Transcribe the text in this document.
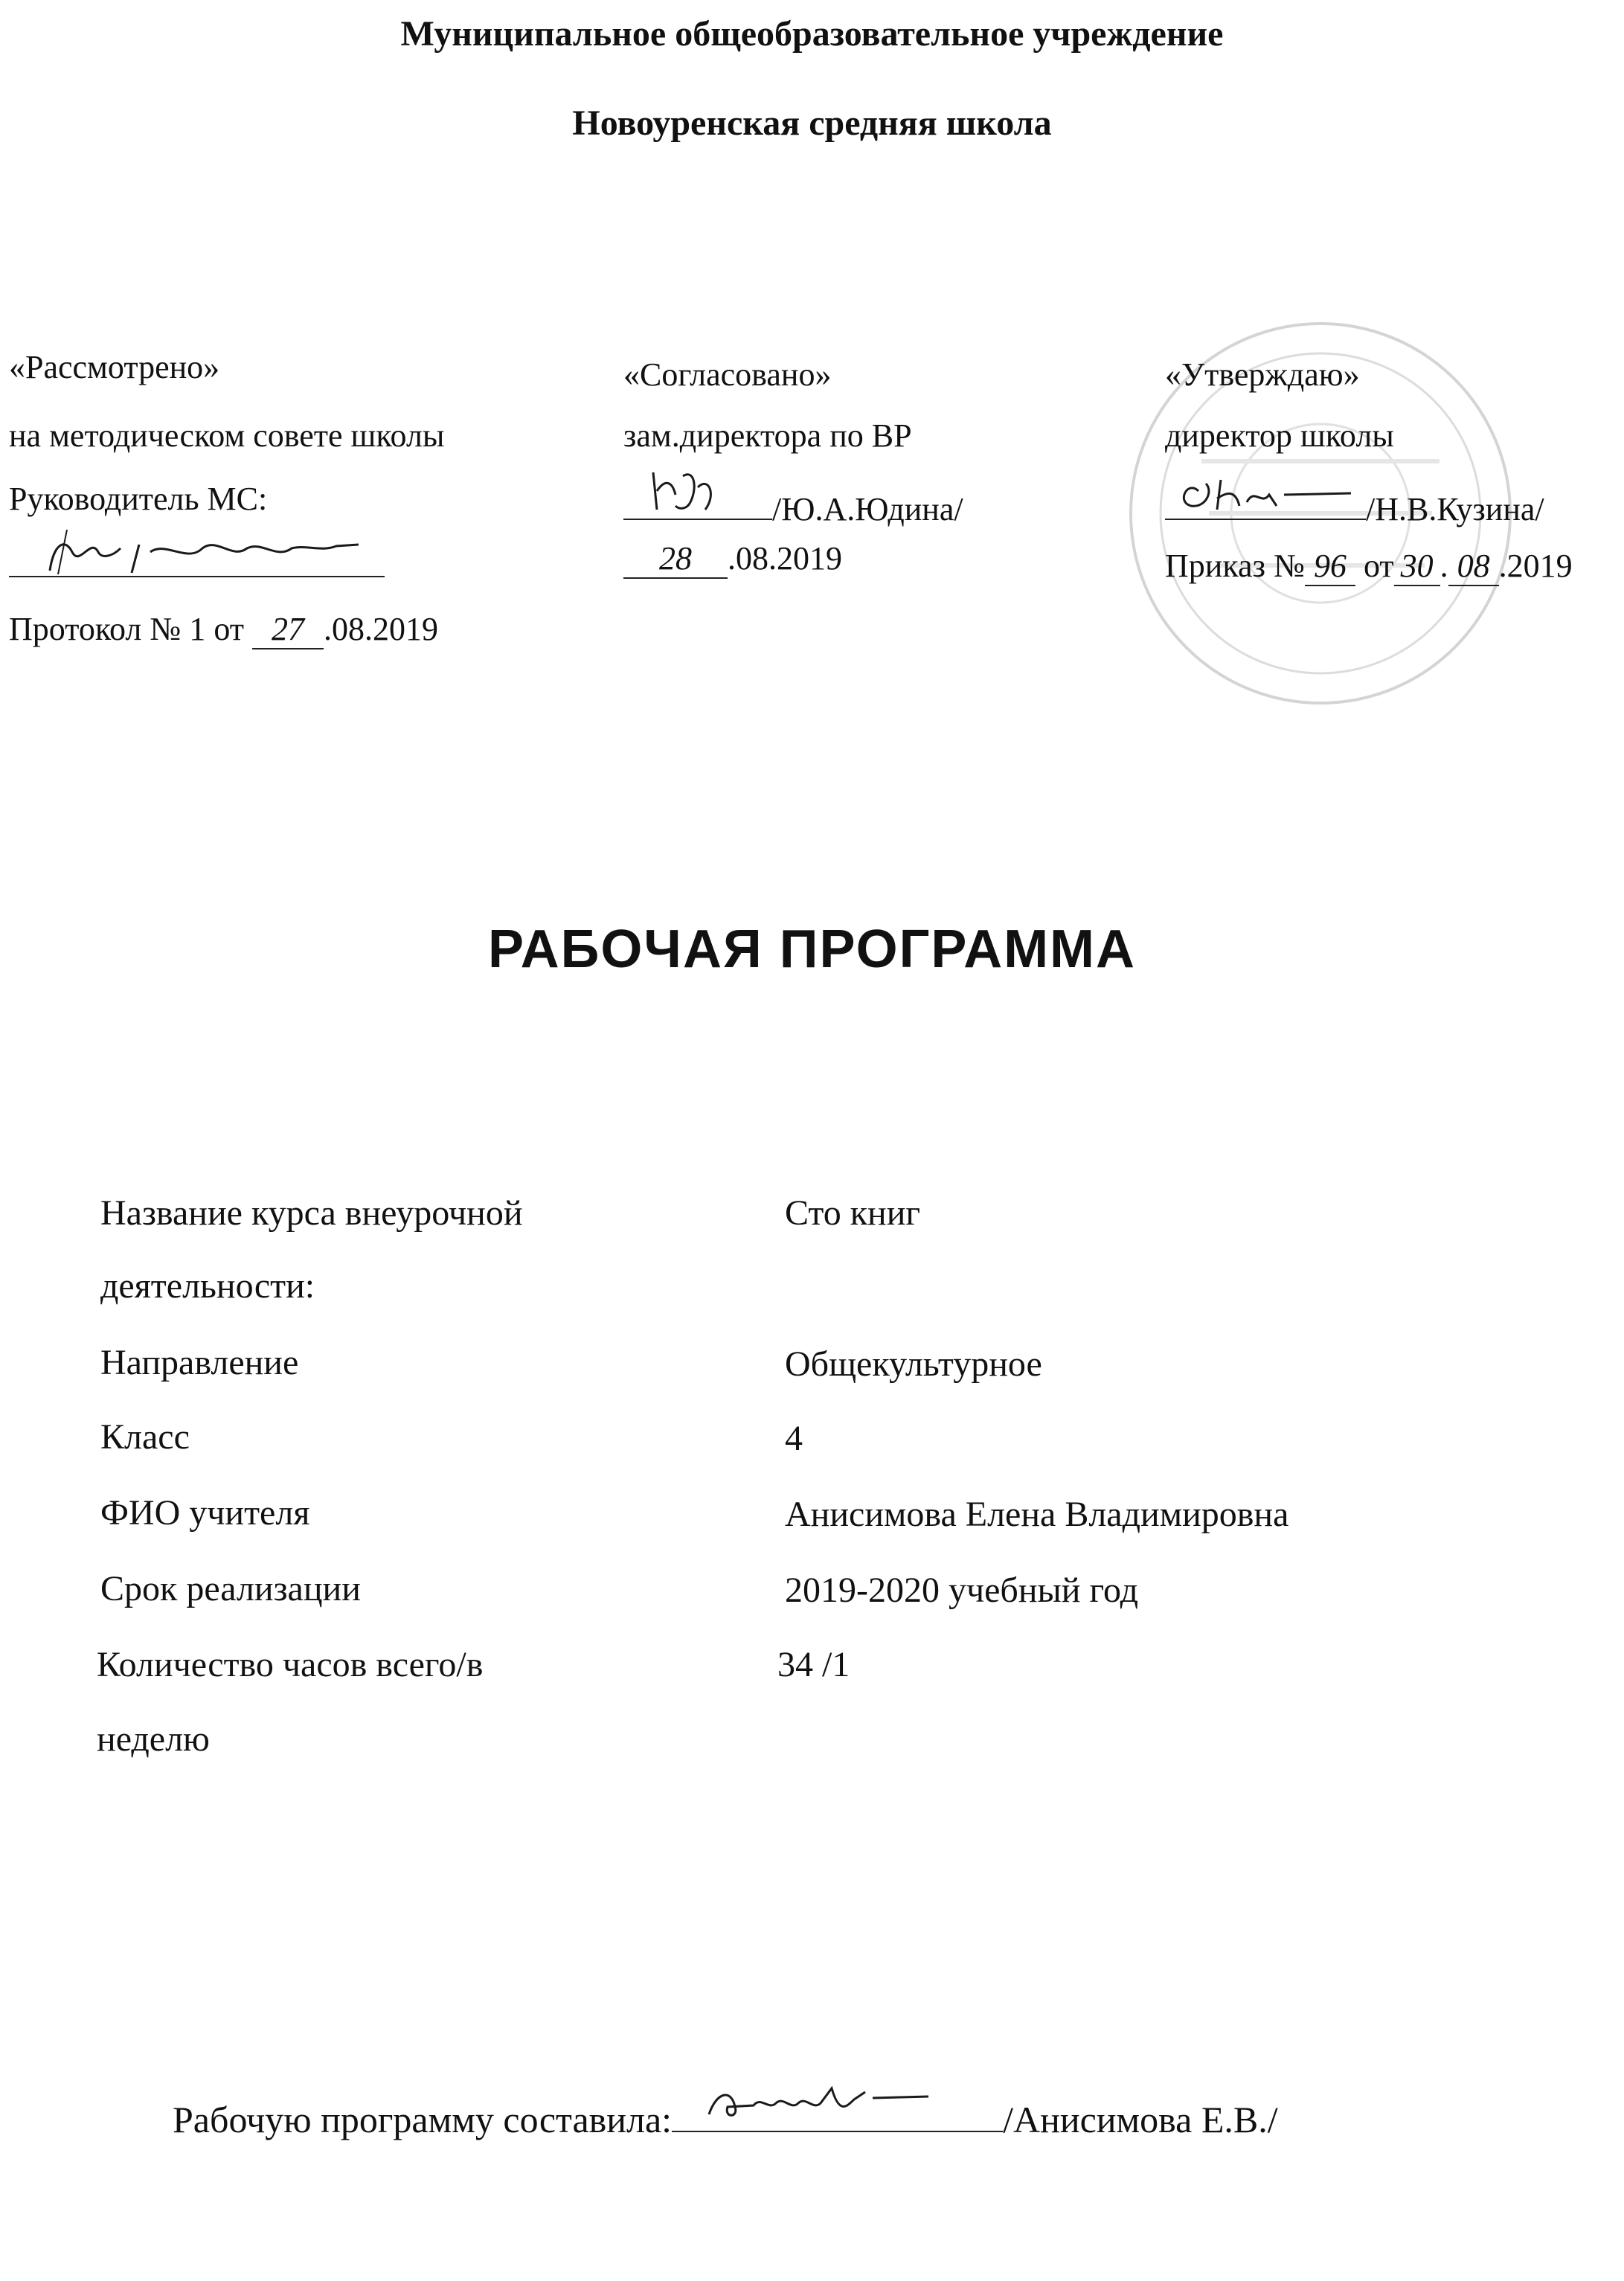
Муниципальное общеобразовательное учреждение
Новоуренская средняя школа
«Рассмотрено»
на методическом совете школы
Руководитель МС:
Протокол № 1 от 27 .08.2019
«Согласовано»
зам.директора по ВР
/Ю.А.Юдина/
28 .08.2019
«Утверждаю»
директор школы
/Н.В.Кузина/
Приказ № 96 от 30 . 08 .2019
РАБОЧАЯ ПРОГРАММА
Название курса внеурочной	Сто книг
деятельности:
Направление	Общекультурное
Класс	4
ФИО учителя	Анисимова Елена Владимировна
Срок реализации	2019-2020 учебный год
Количество часов всего/в	34 /1
неделю
Рабочую программу составила:	/Анисимова Е.В./
